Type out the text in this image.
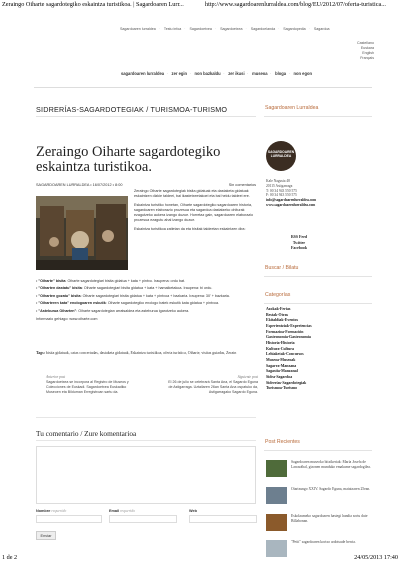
Zeraingo Oiharte sagardotegiko eskaintza turistikoa. | Sagardoaren Lurr...	http://www.sagardoarenlurraldea.com/blog/EU/2012/07/oferta-turistica...
Sagardoaren lurraldea · Testu infoa · Sagardoetxea · Sagardoetxea · Sagardoelanda · Sagardopedia · Sagardoa
Castellano
Euskara
English
Français
sagardoaren lurraldea · zer egin · non bazkaldu · zer ikusi · museoa · bloga · non egon
SIDRERÍAS-SAGARDOTEGIAK / TURISMOA-TURISMO
Zeraingo Oiharte sagardotegiko eskaintza turistikoa.
SAGARDOAREN LURRALDEA • 16/07/2012 • 8:00	Sin comentarios

Zeraingo Oiharte sagardotegiak bisita gidatuak eta dastaketa gidatuak eskaintzen dizkie taldeei, bai ikastetxeetakoei eta bai heldu taldeei ere.

Eskaintza turistiko honetan, Oiharte sagardotegiko sagardoaren historia, sagardoaren elaborazio prozesua eta sagardoa dastatzeko ohiturak ezagutzeko aukera izango duzue. Horretaz gain, sagardoaren elaborazio prozesua ezagutu ahal izango duzue.

Eskaintza turistikoa zatietan da eta bisitak taldeetan eskaintzen dira:

• "Oiharte" bisita: Oiharte sagardotegiari bisita gidatua + kata + pintxo. Iraupena: ordu bat.

• "Oiharten dastatu" bisita: Oiharte sagardotegiari bisita gidatua + kata + hamaiketakoa. Iraupena: bi ordu.

• "Oiharten gozatu" bisita: Oiharte sagardotegiari bisita gidatua + kata + pintxoa + bazkaria. Iraupena: 30' + bazkaria.

• "Oiharteren kata" enologoaren eskutik: Oiharte sagardotegiko enologo batek eskutik kata gidatua + pintxoa.

• "Asteburua Oiharten": Oiharte sagardotegian arratsaldea eta asteburua igarotzeko aukera.

Informazio gehiago: www.oiharte.com

Tags: bisita gidatuak, catas concertadas, dastaketa gidatuak, Eskaintza turistikoa, oferta turística, Oiharte, visitas guiadas, Zerain
Anterior post
Sagardoetxea se incorpora al Registro de Museos y Colecciones de Euskadi. Sagardoetxea Euskadiko Museoen eta Bilduman Erregistroan sartu da.
Siguiente post
El 26 de julio se celebrará Santa Ana, el Sagardo Eguna de Astigarraga. Uztailaren 26an Santa Ana ospatuko da, Astigarragako Sagardo Eguna.
Tu comentario / Zure komentarioa
Nombre requerido	Email requerido	Web
Enviar
Sagardoaren Lurraldea
SAGARDOAREN LURRALDEA
Kale Nagusia 48
20115 Astigarraga
T: 00 34 943 550 575
F: 00 34 943 550 575
info@sagardoarenlurraldea.com
www.sagardoarenlurraldea.com
RSS Feed
Twitter
Facebook
Buscar / Bilatu
Categorías
Azokak-Ferias
Bestak-Otras
Ekitaldiak-Eventos
Esperientziak-Experiencias
Formazioa-Formación
Gastronomia-Gastronomía
Historia-Historia
Kultura-Cultura
Lehiaketak-Concursos
Museoa-Museoak
Sagarra-Manzana
Sagastia-Manzanal
Sidra-Sagardoa
Sidrerías-Sagardotegiak
Turismoa-Turismo
Post Recientes
Sagardoaren museoko bitxikeriak: María Josefa de Larrazábal, gizonen munduko emakume sagardogilea.
Oiartzungo XXIV. Sagardo Eguna, maiatzaren 25ean.
Eskolaumeko sagardoaren hastegi handia sortu dute Billabonan.
"Petit" sagardoaren kortxo ardotsude berria.
1 de 2	24/05/2013 17:40
